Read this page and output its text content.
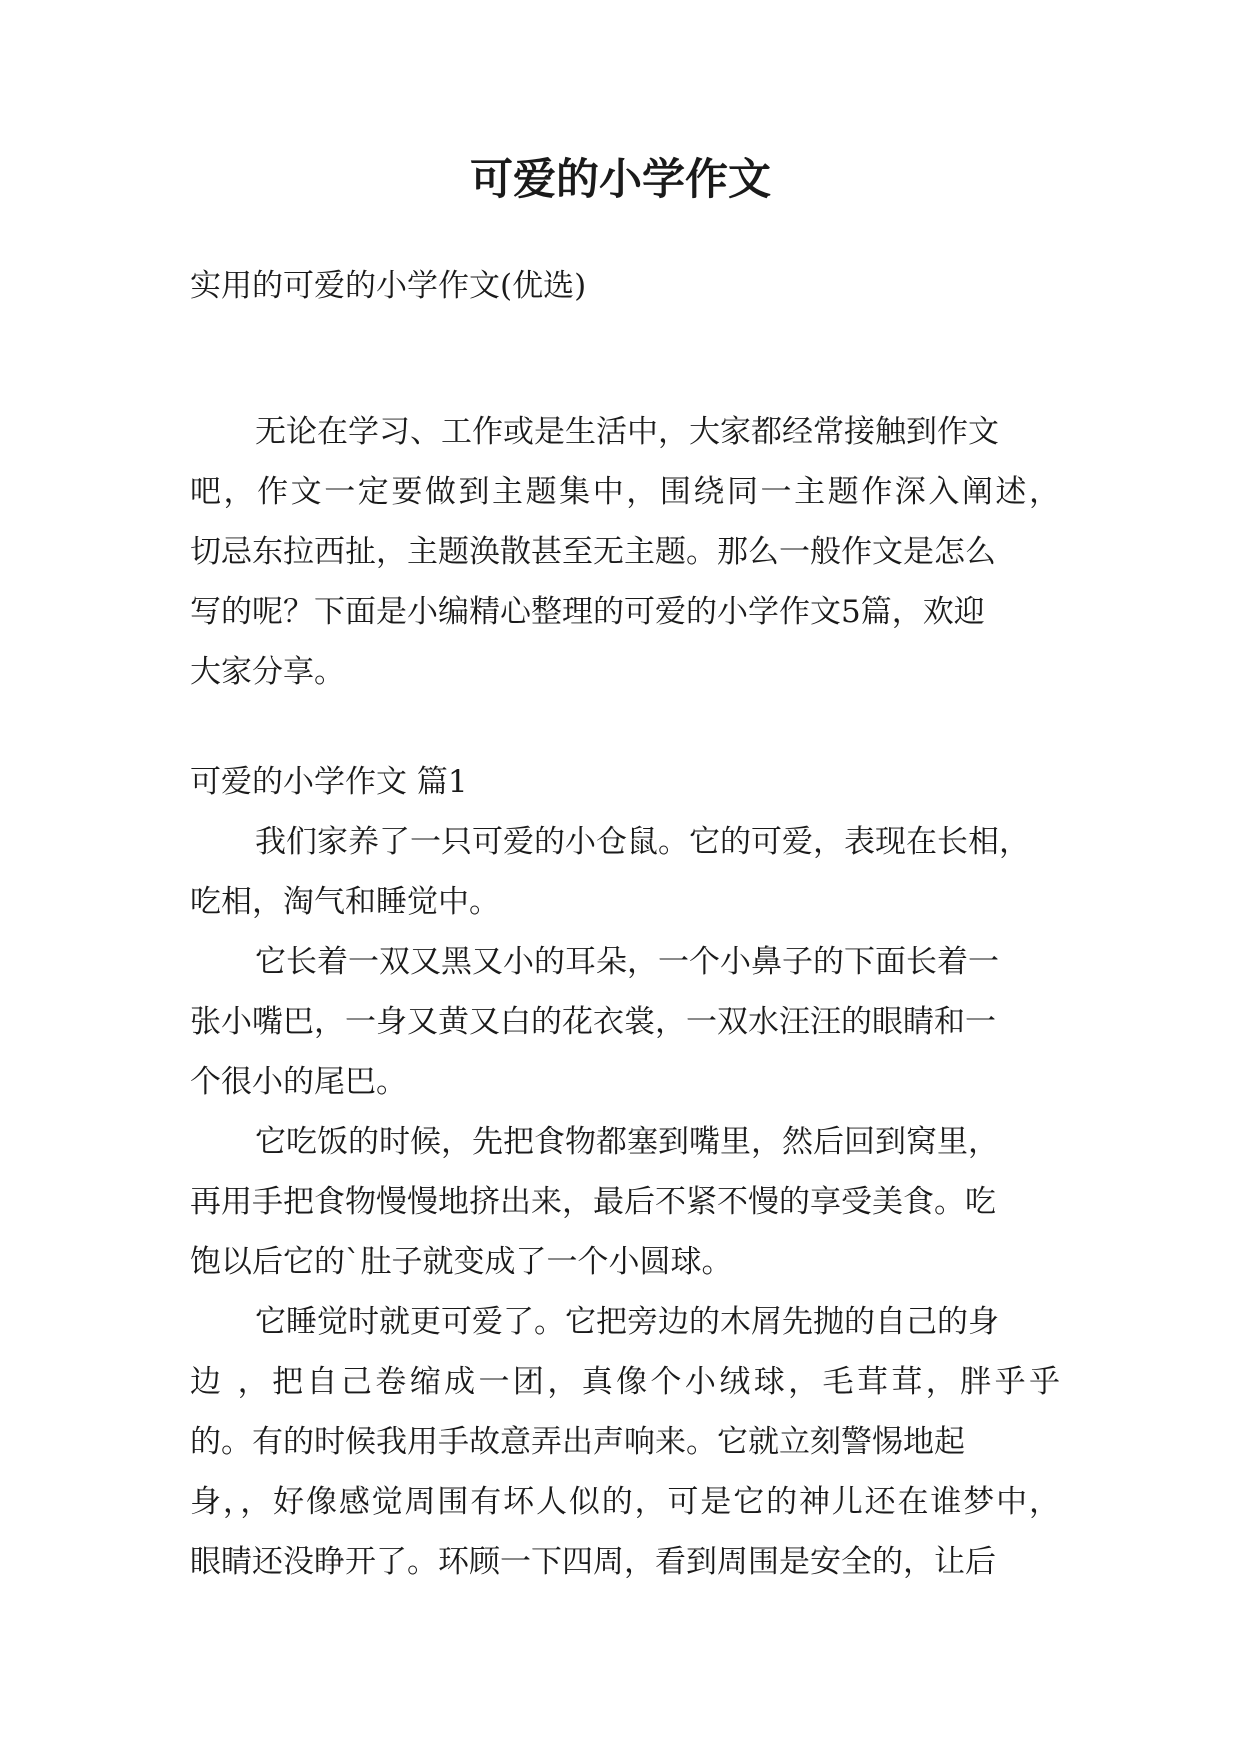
可爱的小学作文

实用的可爱的小学作文(优选)

无论在学习、工作或是生活中，大家都经常接触到作文

吧，作文一定要做到主题集中，围绕同一主题作深入阐述，

切忌东拉西扯，主题涣散甚至无主题。那么一般作文是怎么

写的呢？下面是小编精心整理的可爱的小学作文5篇，欢迎

大家分享。

可爱的小学作文 篇1

我们家养了一只可爱的小仓鼠。它的可爱，表现在长相，

吃相，淘气和睡觉中。

它长着一双又黑又小的耳朵，一个小鼻子的下面长着一

张小嘴巴，一身又黄又白的花衣裳，一双水汪汪的眼睛和一

个很小的尾巴。

它吃饭的时候，先把食物都塞到嘴里，然后回到窝里，

再用手把食物慢慢地挤出来，最后不紧不慢的享受美食。吃

饱以后它的`肚子就变成了一个小圆球。

它睡觉时就更可爱了。它把旁边的木屑先抛的自己的身

边 ，把自己卷缩成一团，真像个小绒球，毛茸茸，胖乎乎

的。有的时候我用手故意弄出声响来。它就立刻警惕地起

身，，好像感觉周围有坏人似的，可是它的神儿还在谁梦中，

眼睛还没睁开了。环顾一下四周，看到周围是安全的，让后
